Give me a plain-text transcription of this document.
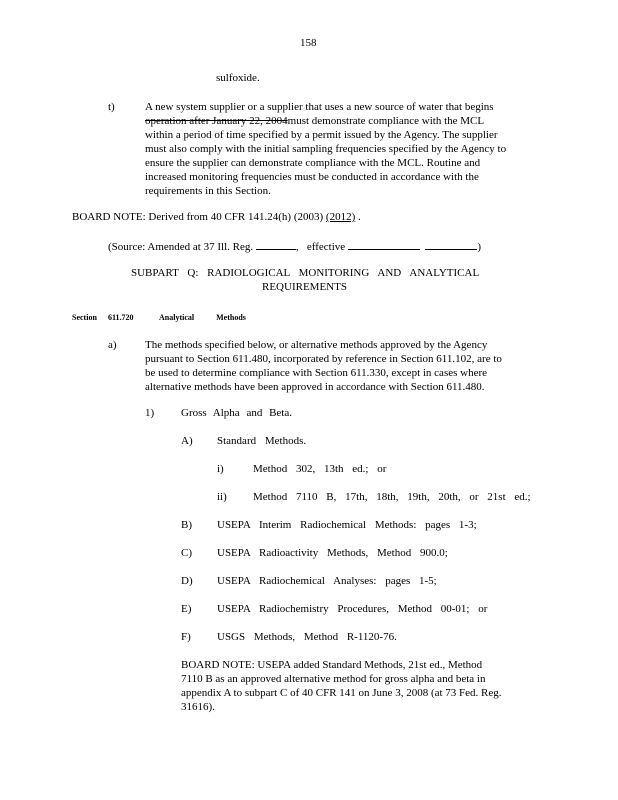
158
sulfoxide.
t)	A new system supplier or a supplier that uses a new source of water that begins

operation after January 22, 2004must demonstrate compliance with the MCL

within a period of time specified by a permit issued by the Agency. The supplier

must also comply with the initial sampling frequencies specified by the Agency to

ensure the supplier can demonstrate compliance with the MCL. Routine and

increased monitoring frequencies must be conducted in accordance with the

requirements in this Section.

BOARD NOTE: Derived from 40 CFR 141.24(h) (2003) (2012) .
(Source: Amended at 37 Ill. Reg.	, effective	)
SUBPART Q: RADIOLOGICAL MONITORING AND ANALYTICAL
REQUIREMENTS
Section 611.720	Analytical Methods
a)	The methods specified below, or alternative methods approved by the Agency

pursuant to Section 611.480, incorporated by reference in Section 611.102, are to

be used to determine compliance with Section 611.330, except in cases where

alternative methods have been approved in accordance with Section 611.480.

1) Gross Alpha and Beta.
A) Standard Methods.
i)	Method 302, 13th ed.; or
ii) Method 7110 B, 17th, 18th, 19th, 20th, or 21st ed.;
B) USEPA Interim Radiochemical Methods: pages 1-3;
C) USEPA Radioactivity Methods, Method 900.0;
D) USEPA Radiochemical Analyses: pages 1-5;
E) USEPA Radiochemistry Procedures, Method 00-01; or
F) USGS Methods, Method R-1120-76.

BOARD NOTE: USEPA added Standard Methods, 21st ed., Method

7110 B as an approved alternative method for gross alpha and beta in

appendix A to subpart C of 40 CFR 141 on June 3, 2008 (at 73 Fed. Reg.

31616).
